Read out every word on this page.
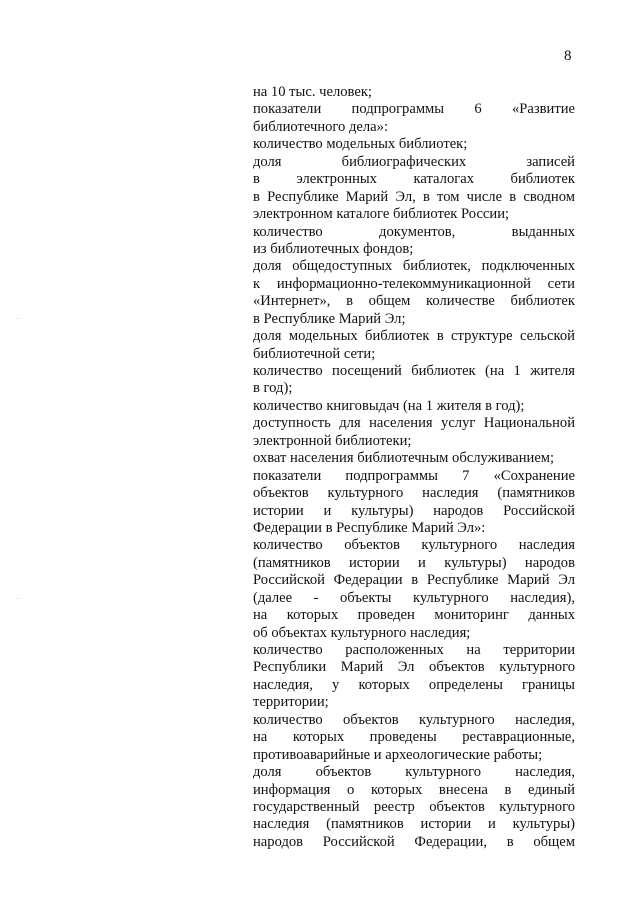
8
на 10 тыс. человек;
показатели подпрограммы 6 «Развитие
библиотечного дела»:
количество модельных библиотек;
доля библиографических записей
в электронных каталогах библиотек
в Республике Марий Эл, в том числе в сводном
электронном каталоге библиотек России;
количество документов, выданных
из библиотечных фондов;
доля общедоступных библиотек, подключенных
к информационно-телекоммуникационной сети
«Интернет», в общем количестве библиотек
в Республике Марий Эл;
доля модельных библиотек в структуре сельской
библиотечной сети;
количество посещений библиотек (на 1 жителя
в год);
количество книговыдач (на 1 жителя в год);
доступность для населения услуг Национальной
электронной библиотеки;
охват населения библиотечным обслуживанием;
показатели подпрограммы 7 «Сохранение
объектов культурного наследия (памятников
истории и культуры) народов Российской
Федерации в Республике Марий Эл»:
количество объектов культурного наследия
(памятников истории и культуры) народов
Российской Федерации в Республике Марий Эл
(далее - объекты культурного наследия),
на которых проведен мониторинг данных
об объектах культурного наследия;
количество расположенных на территории
Республики Марий Эл объектов культурного
наследия, у которых определены границы
территории;
количество объектов культурного наследия,
на которых проведены реставрационные,
противоаварийные и археологические работы;
доля объектов культурного наследия,
информация о которых внесена в единый
государственный реестр объектов культурного
наследия (памятников истории и культуры)
народов Российской Федерации, в общем
